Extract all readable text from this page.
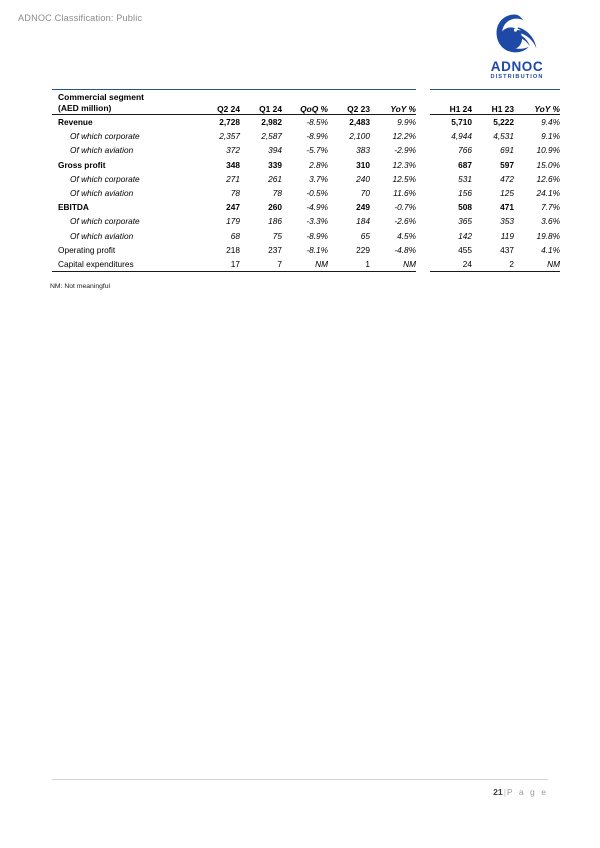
ADNOC Classification: Public
ADNOC
DISTRIBUTION
Commercial segment
(AED million)	Q2 24	Q1 24	QoQ %	Q2 23	YoY %		H1 24	H1 23	YoY %
Revenue	2,728	2,982	-8.5%	2,483	9.9%		5,710	5,222	9.4%
Of which corporate	2,357	2,587	-8.9%	2,100	12.2%		4,944	4,531	9.1%
Of which aviation	372	394	-5.7%	383	-2.9%		766	691	10.9%
Gross profit	348	339	2.8%	310	12.3%		687	597	15.0%
Of which corporate	271	261	3.7%	240	12.5%		531	472	12.6%
Of which aviation	78	78	-0.5%	70	11.6%		156	125	24.1%
EBITDA	247	260	-4.9%	249	-0.7%		508	471	7.7%
Of which corporate	179	186	-3.3%	184	-2.6%		365	353	3.6%
Of which aviation	68	75	-8.9%	65	4.5%		142	119	19.8%
Operating profit	218	237	-8.1%	229	-4.8%		455	437	4.1%
Capital expenditures	17	7	NM	1	NM		24	2	NM
NM: Not meaningful
21|P a g e
